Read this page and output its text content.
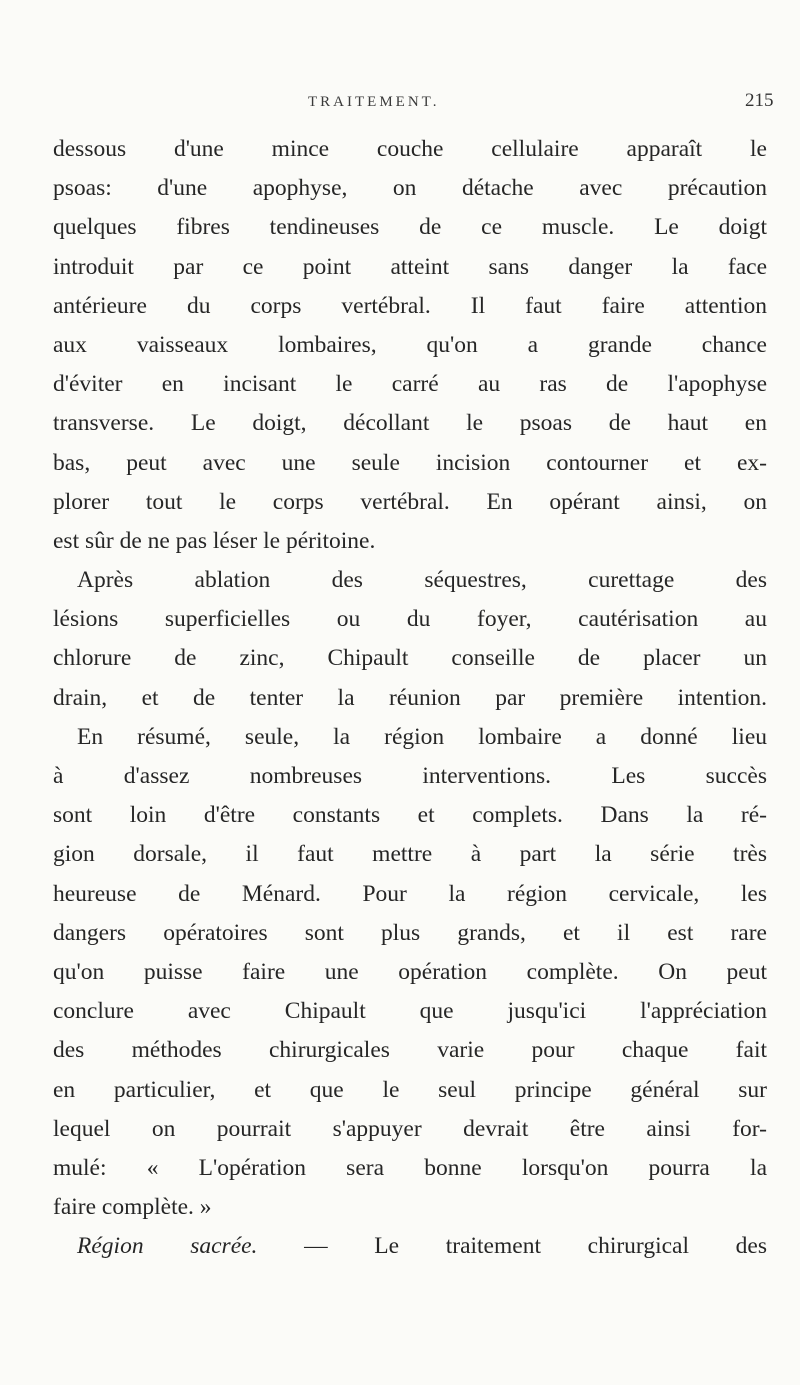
TRAITEMENT.	215
dessous d'une mince couche cellulaire apparaît le
psoas: d'une apophyse, on détache avec précaution
quelques fibres tendineuses de ce muscle. Le doigt
introduit par ce point atteint sans danger la face
antérieure du corps vertébral. Il faut faire attention
aux vaisseaux lombaires, qu'on a grande chance
d'éviter en incisant le carré au ras de l'apophyse
transverse. Le doigt, décollant le psoas de haut en
bas, peut avec une seule incision contourner et ex-
plorer tout le corps vertébral. En opérant ainsi, on
est sûr de ne pas léser le péritoine.
Après ablation des séquestres, curettage des
lésions superficielles ou du foyer, cautérisation au
chlorure de zinc, Chipault conseille de placer un
drain, et de tenter la réunion par première intention.
En résumé, seule, la région lombaire a donné lieu
à d'assez nombreuses interventions. Les succès
sont loin d'être constants et complets. Dans la ré-
gion dorsale, il faut mettre à part la série très
heureuse de Ménard. Pour la région cervicale, les
dangers opératoires sont plus grands, et il est rare
qu'on puisse faire une opération complète. On peut
conclure avec Chipault que jusqu'ici l'appréciation
des méthodes chirurgicales varie pour chaque fait
en particulier, et que le seul principe général sur
lequel on pourrait s'appuyer devrait être ainsi for-
mulé: « L'opération sera bonne lorsqu'on pourra la
faire complète. »
Région sacrée. — Le traitement chirurgical des
